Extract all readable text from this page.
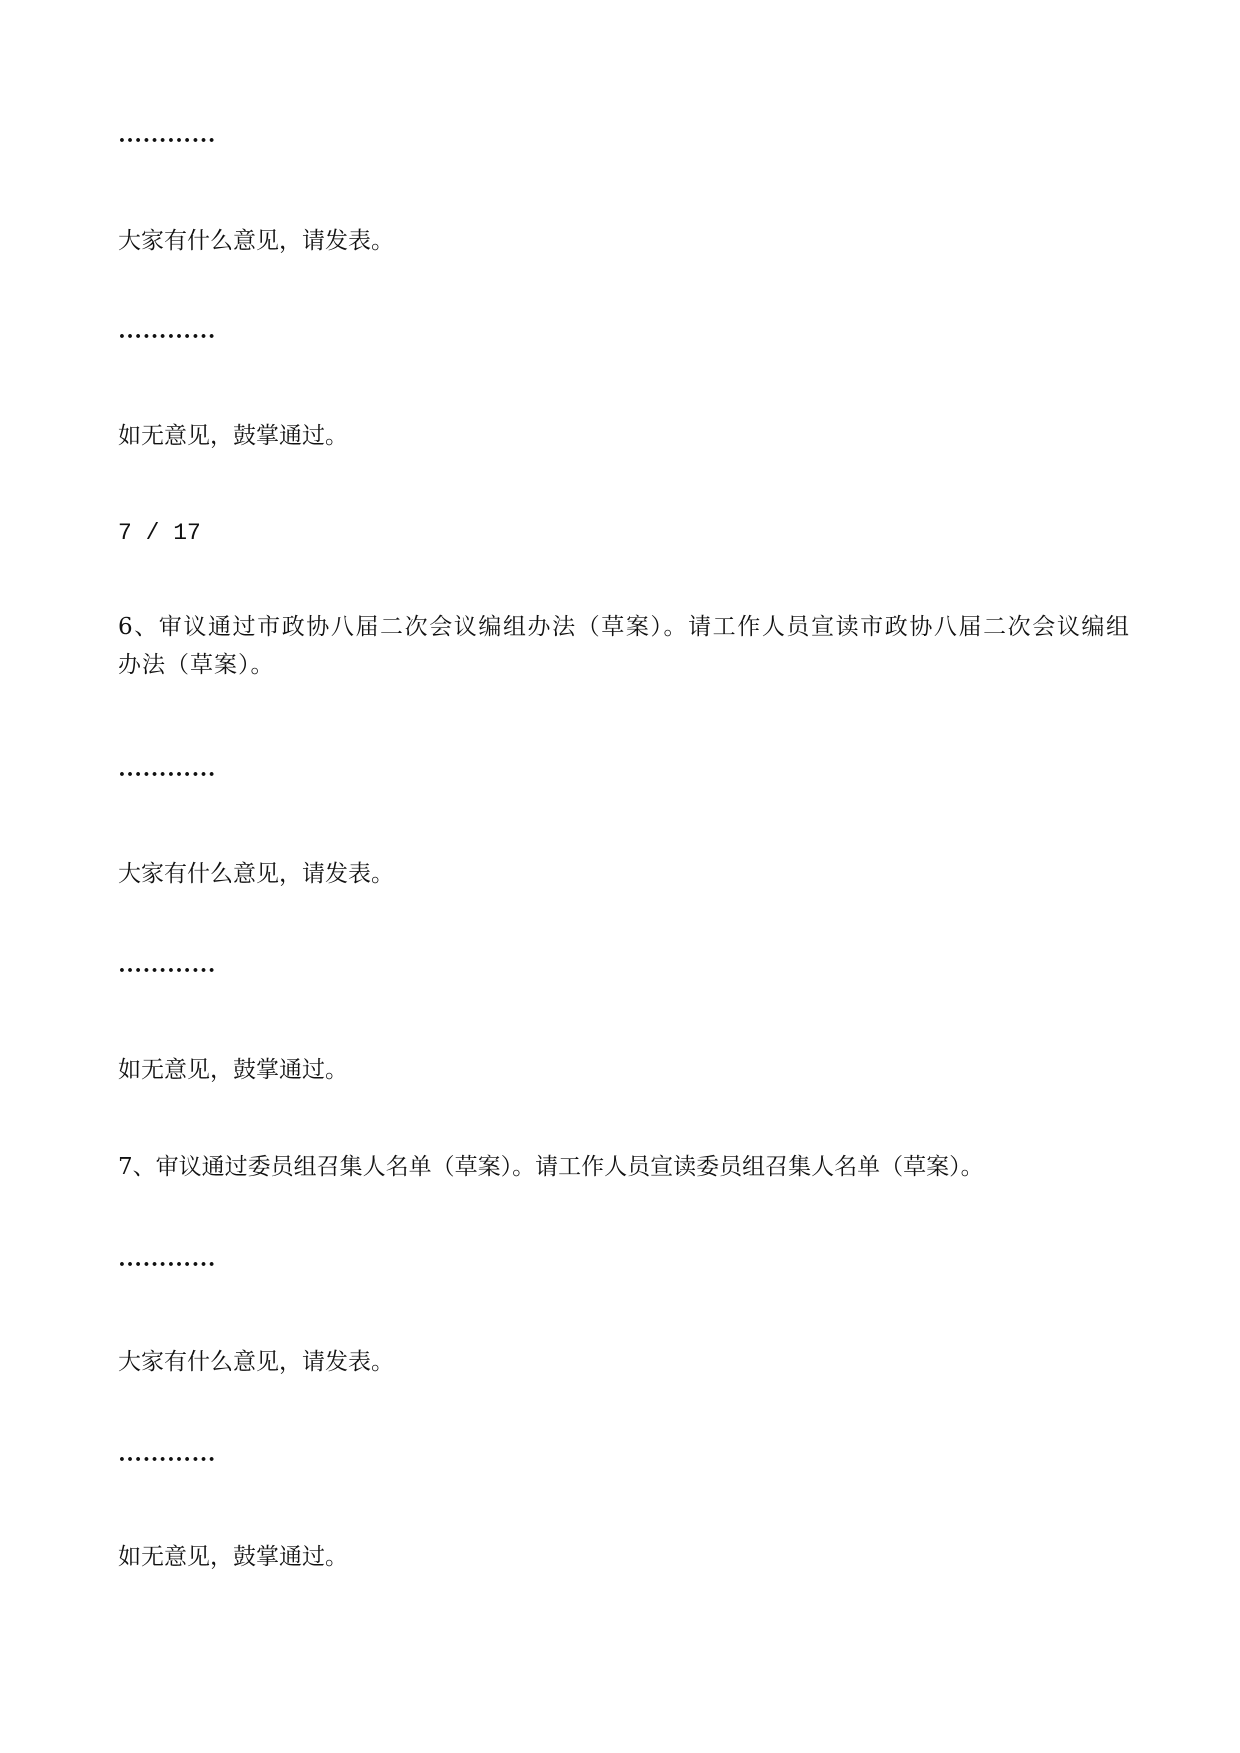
…………

大家有什么意见，请发表。

…………

如无意见，鼓掌通过。

7 / 17

6、审议通过市政协八届二次会议编组办法（草案）。请工作人员宣读市政协八届二次会议编组办法（草案）。

…………

大家有什么意见，请发表。

…………

如无意见，鼓掌通过。

7、审议通过委员组召集人名单（草案）。请工作人员宣读委员组召集人名单（草案）。

…………

大家有什么意见，请发表。

…………

如无意见，鼓掌通过。
